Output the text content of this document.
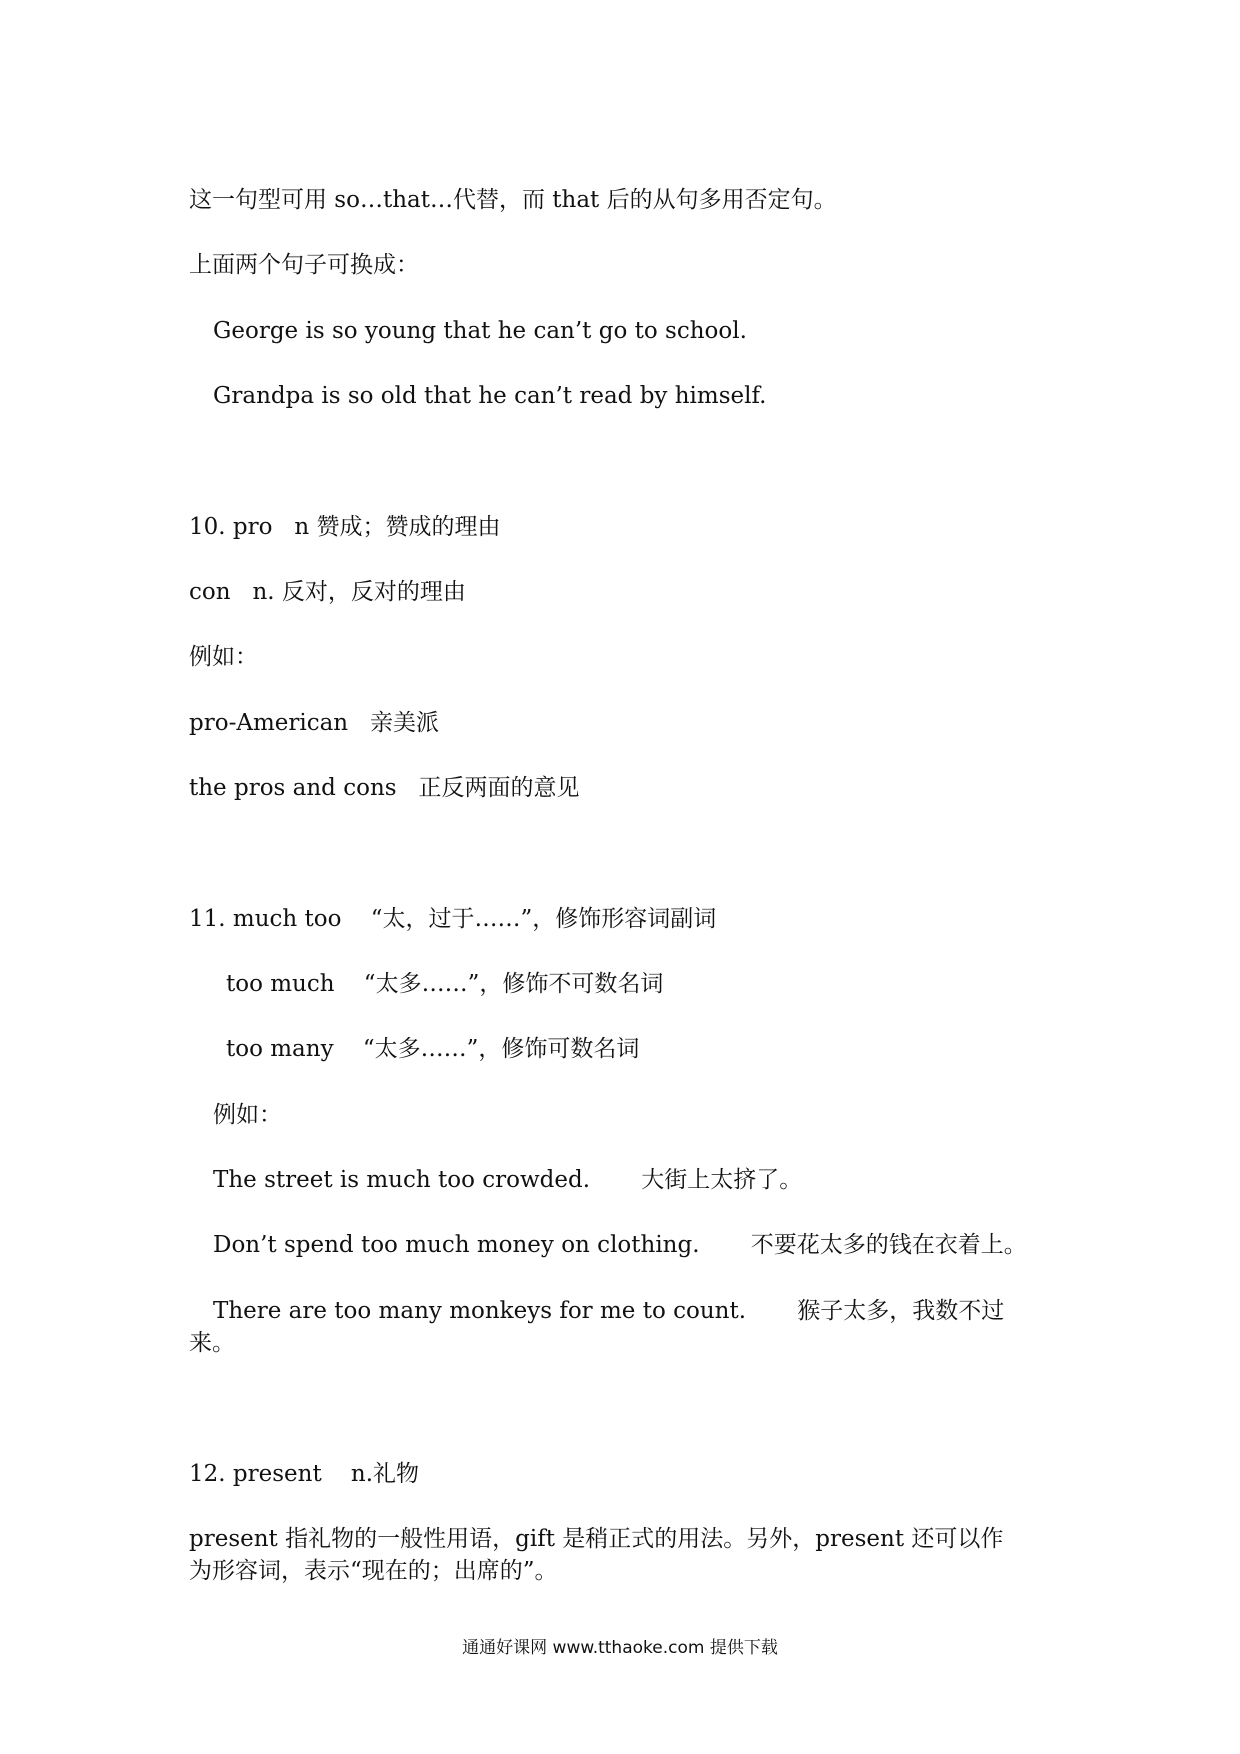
这一句型可用 so…that…代替，而 that 后的从句多用否定句。

上面两个句子可换成：

George is so young that he can’t go to school.

Grandpa is so old that he can’t read by himself.

10. pro   n 赞成；赞成的理由

con   n. 反对，反对的理由

例如：

pro-American   亲美派

the pros and cons   正反两面的意见

11. much too    “太，过于……”，修饰形容词副词

too much    “太多……”，修饰不可数名词

too many    “太多……”，修饰可数名词

例如：

The street is much too crowded.       大街上太挤了。

Don’t spend too much money on clothing.       不要花太多的钱在衣着上。

There are too many monkeys for me to count.       猴子太多，我数不过

来。

12. present    n.礼物

present 指礼物的一般性用语，gift 是稍正式的用法。另外，present 还可以作

为形容词，表示“现在的；出席的”。

通通好课网 www.tthaoke.com 提供下载
